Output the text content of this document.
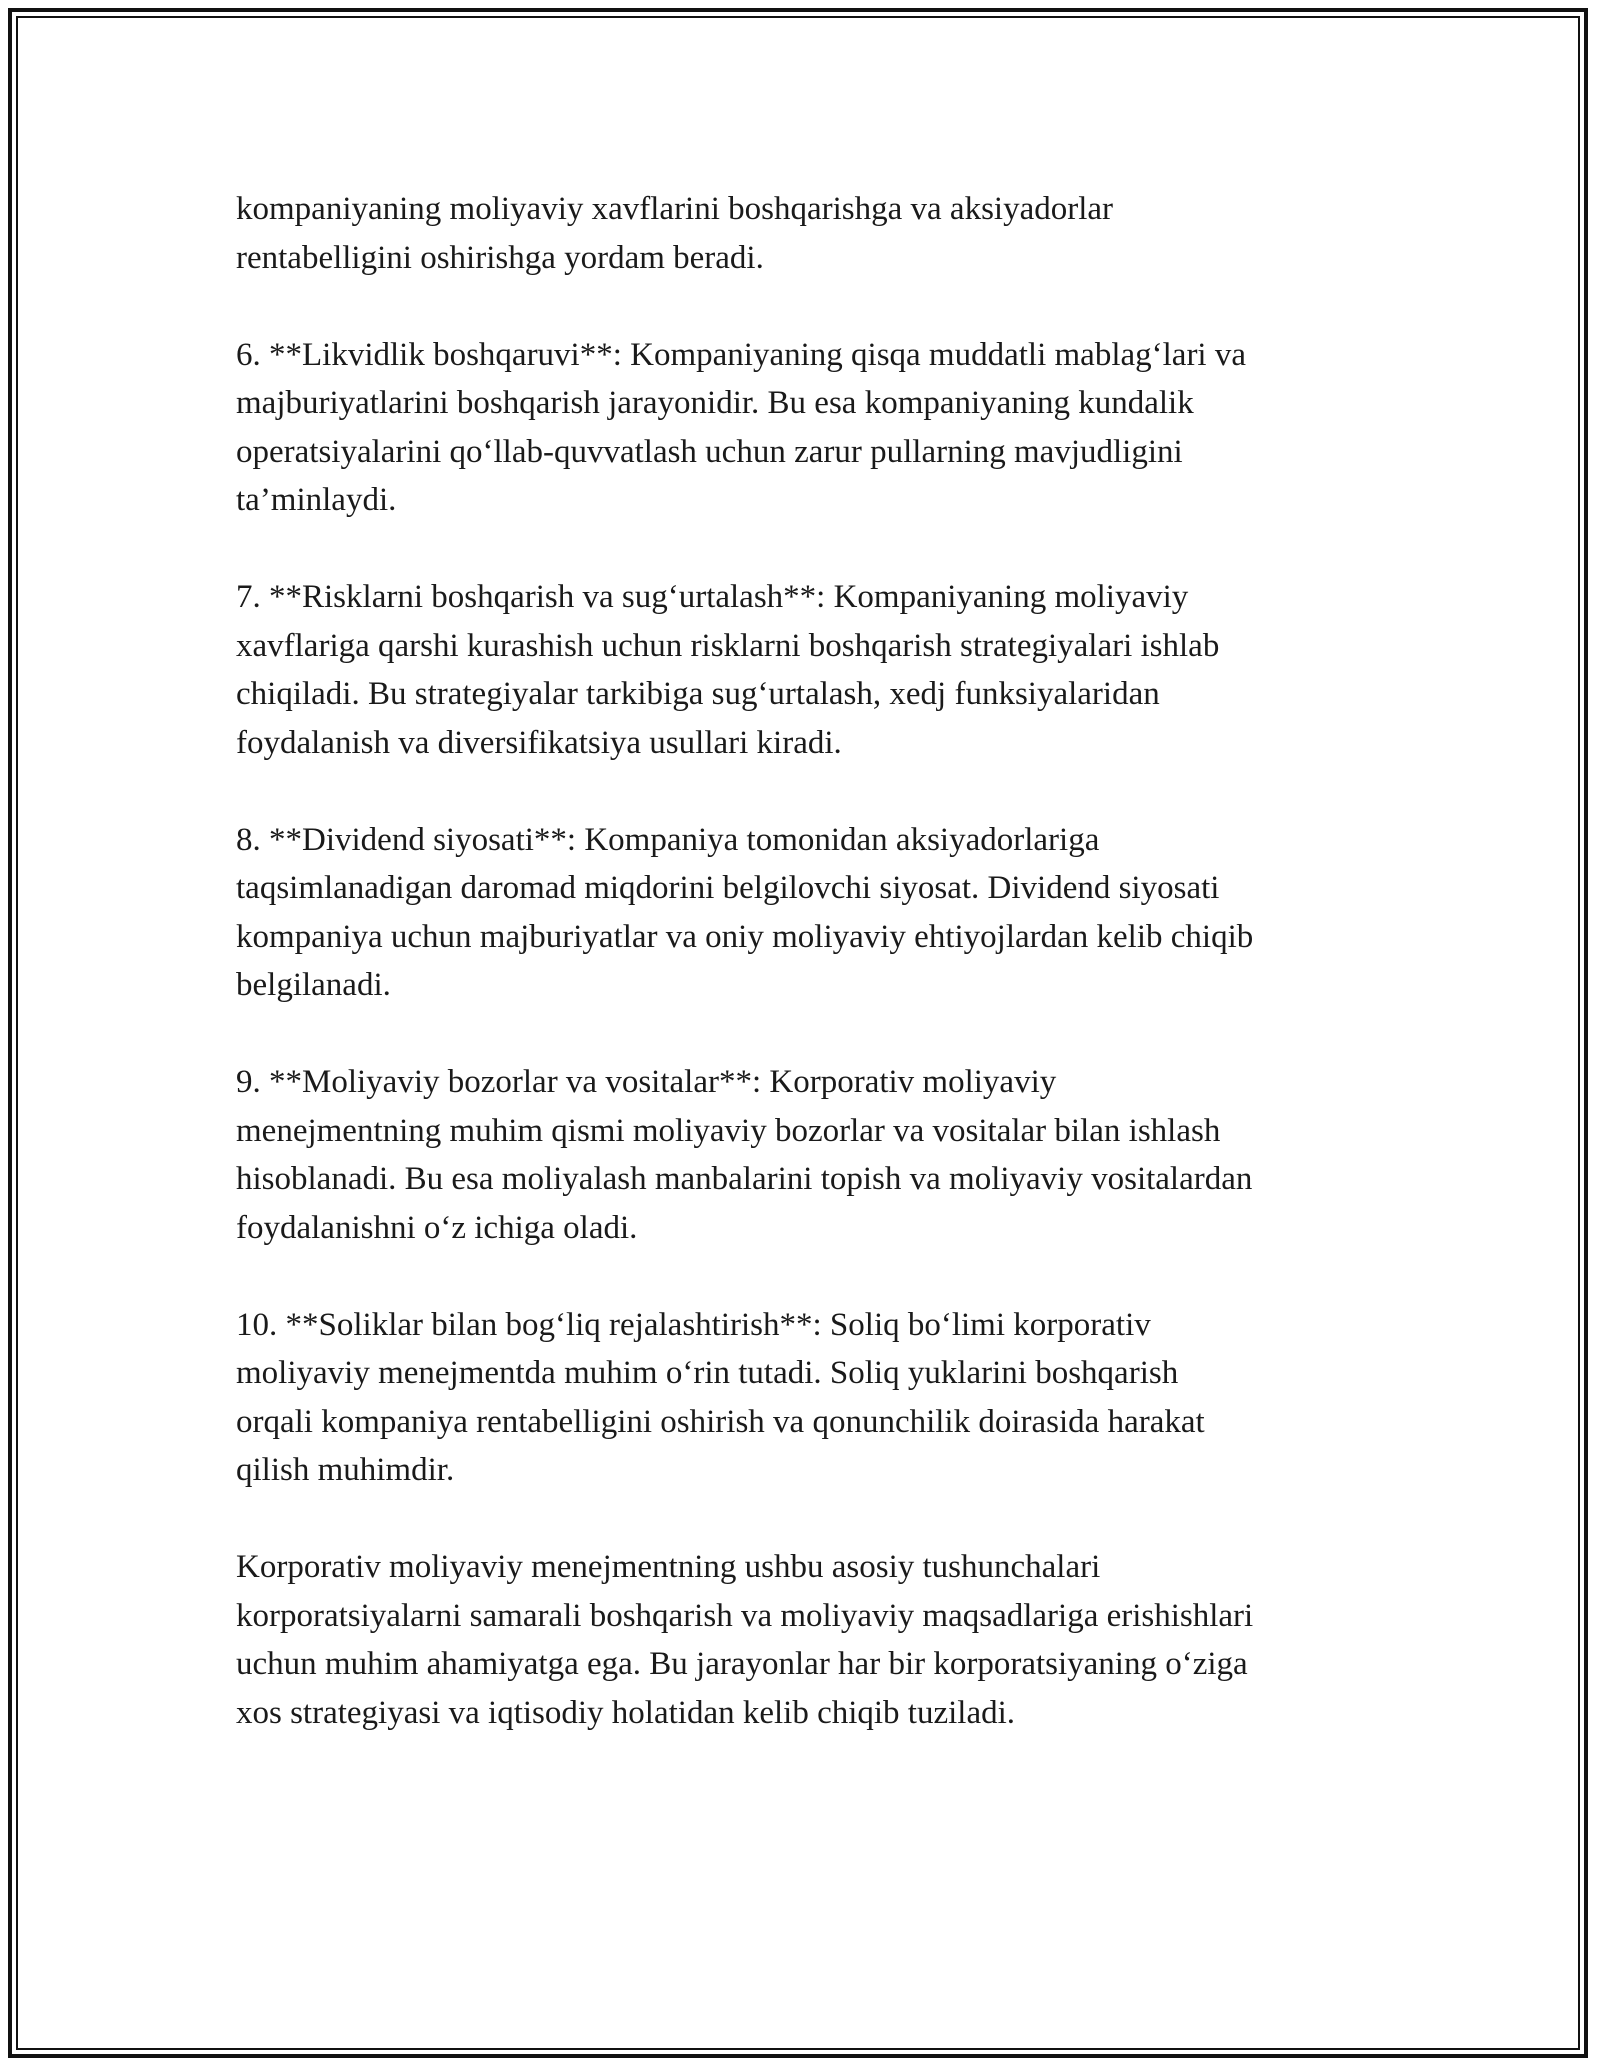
kompaniyaning moliyaviy xavflarini boshqarishga va aksiyadorlar
rentabelligini oshirishga yordam beradi.

6. **Likvidlik boshqaruvi**: Kompaniyaning qisqa muddatli mablag‘lari va
majburiyatlarini boshqarish jarayonidir. Bu esa kompaniyaning kundalik
operatsiyalarini qo‘llab-quvvatlash uchun zarur pullarning mavjudligini
ta’minlaydi.

7. **Risklarni boshqarish va sug‘urtalash**: Kompaniyaning moliyaviy
xavflariga qarshi kurashish uchun risklarni boshqarish strategiyalari ishlab
chiqiladi. Bu strategiyalar tarkibiga sug‘urtalash, xedj funksiyalaridan
foydalanish va diversifikatsiya usullari kiradi.

8. **Dividend siyosati**: Kompaniya tomonidan aksiyadorlariga
taqsimlanadigan daromad miqdorini belgilovchi siyosat. Dividend siyosati
kompaniya uchun majburiyatlar va oniy moliyaviy ehtiyojlardan kelib chiqib
belgilanadi.

9. **Moliyaviy bozorlar va vositalar**: Korporativ moliyaviy
menejmentning muhim qismi moliyaviy bozorlar va vositalar bilan ishlash
hisoblanadi. Bu esa moliyalash manbalarini topish va moliyaviy vositalardan
foydalanishni o‘z ichiga oladi.

10. **Soliklar bilan bog‘liq rejalashtirish**: Soliq bo‘limi korporativ
moliyaviy menejmentda muhim o‘rin tutadi. Soliq yuklarini boshqarish
orqali kompaniya rentabelligini oshirish va qonunchilik doirasida harakat
qilish muhimdir.

Korporativ moliyaviy menejmentning ushbu asosiy tushunchalari
korporatsiyalarni samarali boshqarish va moliyaviy maqsadlariga erishishlari
uchun muhim ahamiyatga ega. Bu jarayonlar har bir korporatsiyaning o‘ziga
xos strategiyasi va iqtisodiy holatidan kelib chiqib tuziladi.
